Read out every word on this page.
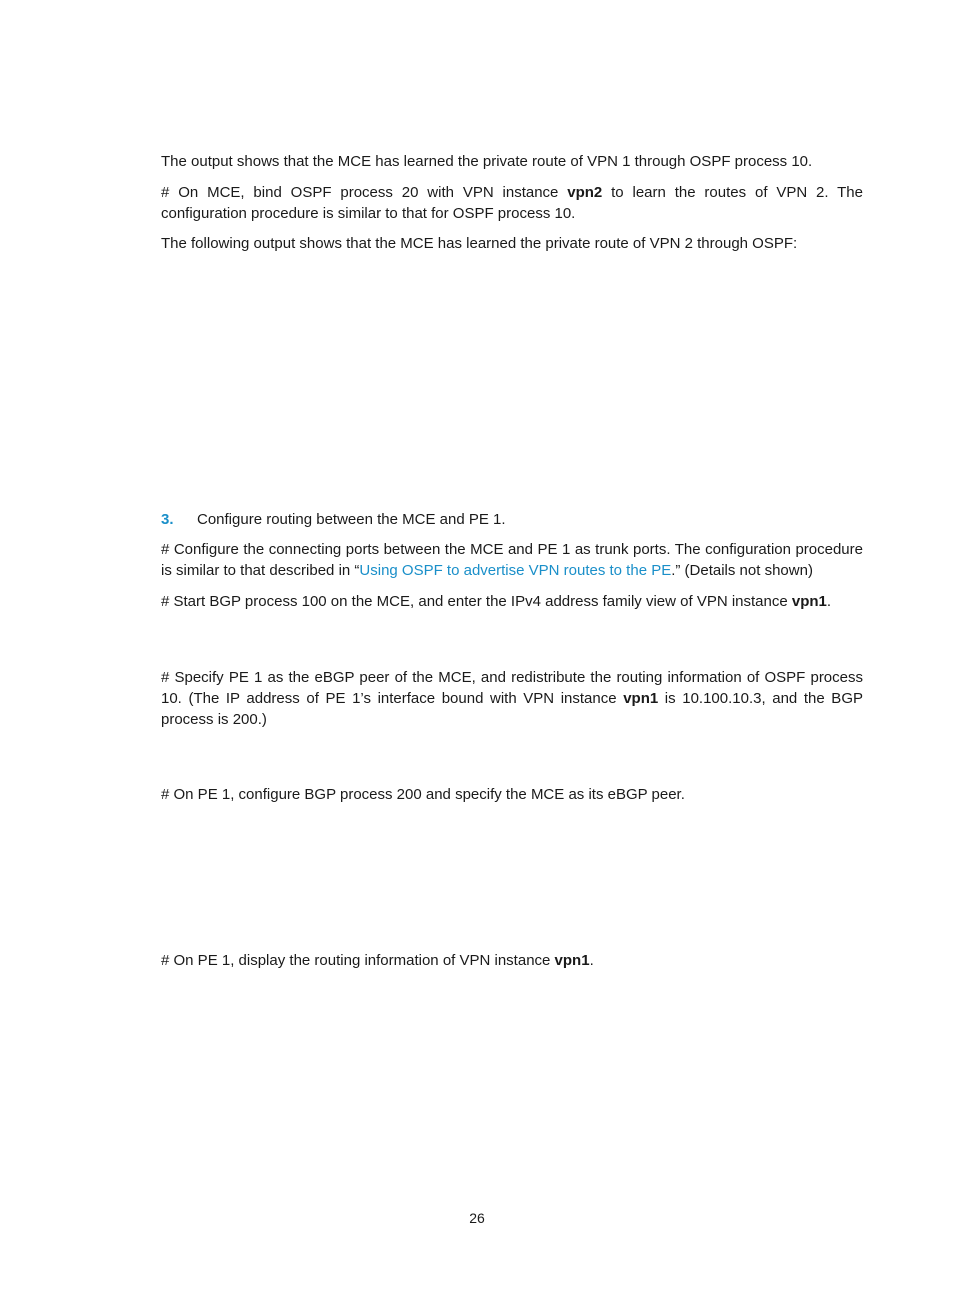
The output shows that the MCE has learned the private route of VPN 1 through OSPF process 10.

# On MCE, bind OSPF process 20 with VPN instance vpn2 to learn the routes of VPN 2. The configuration procedure is similar to that for OSPF process 10.

The following output shows that the MCE has learned the private route of VPN 2 through OSPF:

3. Configure routing between the MCE and PE 1.

# Configure the connecting ports between the MCE and PE 1 as trunk ports. The configuration procedure is similar to that described in “Using OSPF to advertise VPN routes to the PE.” (Details not shown)

# Start BGP process 100 on the MCE, and enter the IPv4 address family view of VPN instance vpn1.

# Specify PE 1 as the eBGP peer of the MCE, and redistribute the routing information of OSPF process 10. (The IP address of PE 1’s interface bound with VPN instance vpn1 is 10.100.10.3, and the BGP process is 200.)

# On PE 1, configure BGP process 200 and specify the MCE as its eBGP peer.

# On PE 1, display the routing information of VPN instance vpn1.

26
